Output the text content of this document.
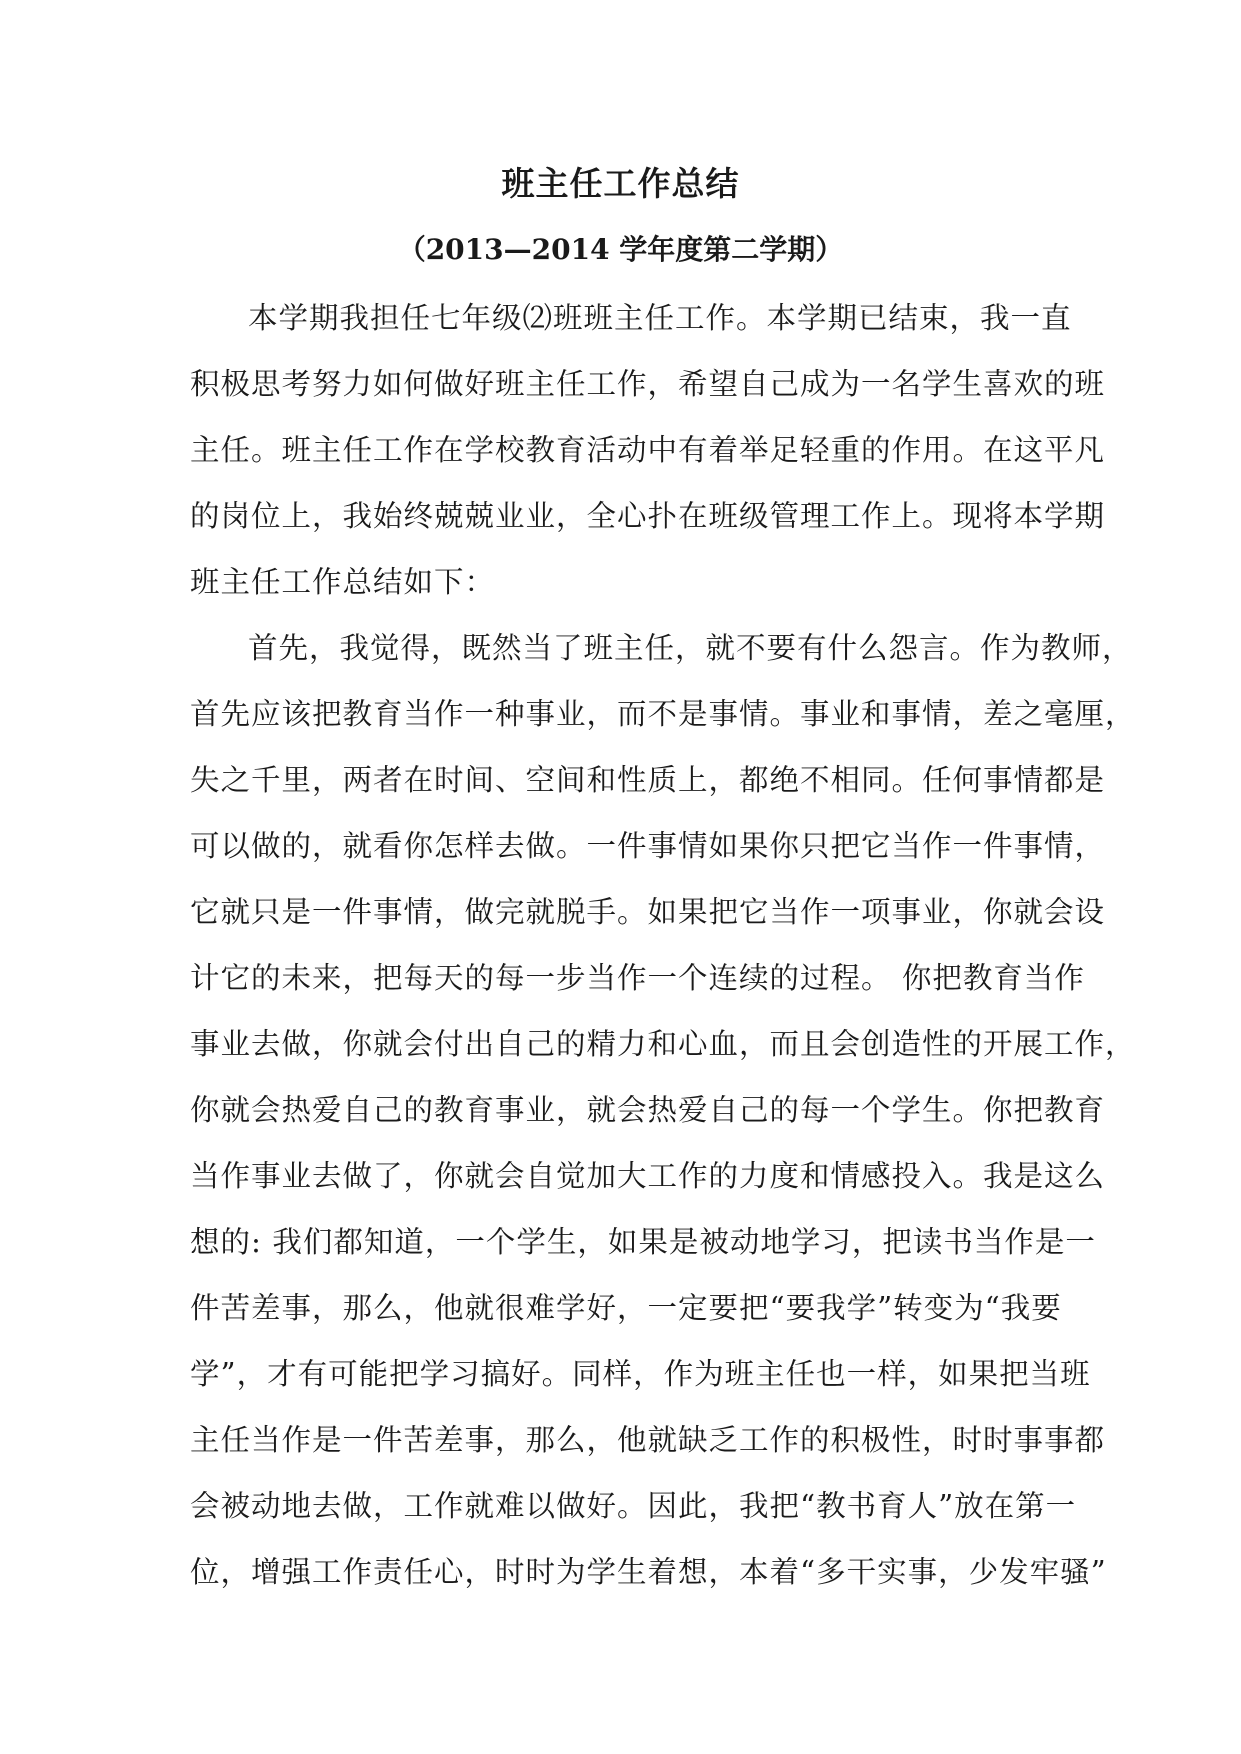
班主任工作总结
（2013—2014 学年度第二学期）
本学期我担任七年级⑵班班主任工作。本学期已结束，我一直
积极思考努力如何做好班主任工作，希望自己成为一名学生喜欢的班
主任。班主任工作在学校教育活动中有着举足轻重的作用。在这平凡
的岗位上，我始终兢兢业业，全心扑在班级管理工作上。现将本学期
班主任工作总结如下：
首先，我觉得，既然当了班主任，就不要有什么怨言。作为教师，
首先应该把教育当作一种事业，而不是事情。事业和事情，差之毫厘，
失之千里，两者在时间、空间和性质上，都绝不相同。任何事情都是
可以做的，就看你怎样去做。一件事情如果你只把它当作一件事情，
它就只是一件事情，做完就脱手。如果把它当作一项事业，你就会设
计它的未来，把每天的每一步当作一个连续的过程。 你把教育当作
事业去做，你就会付出自己的精力和心血，而且会创造性的开展工作，
你就会热爱自己的教育事业，就会热爱自己的每一个学生。你把教育
当作事业去做了，你就会自觉加大工作的力度和情感投入。我是这么
想的: 我们都知道，一个学生，如果是被动地学习，把读书当作是一
件苦差事，那么，他就很难学好，一定要把“要我学”转变为“我要
学”，才有可能把学习搞好。同样，作为班主任也一样，如果把当班
主任当作是一件苦差事，那么，他就缺乏工作的积极性，时时事事都
会被动地去做，工作就难以做好。因此，我把“教书育人”放在第一
位，增强工作责任心，时时为学生着想，本着“多干实事，少发牢骚”
